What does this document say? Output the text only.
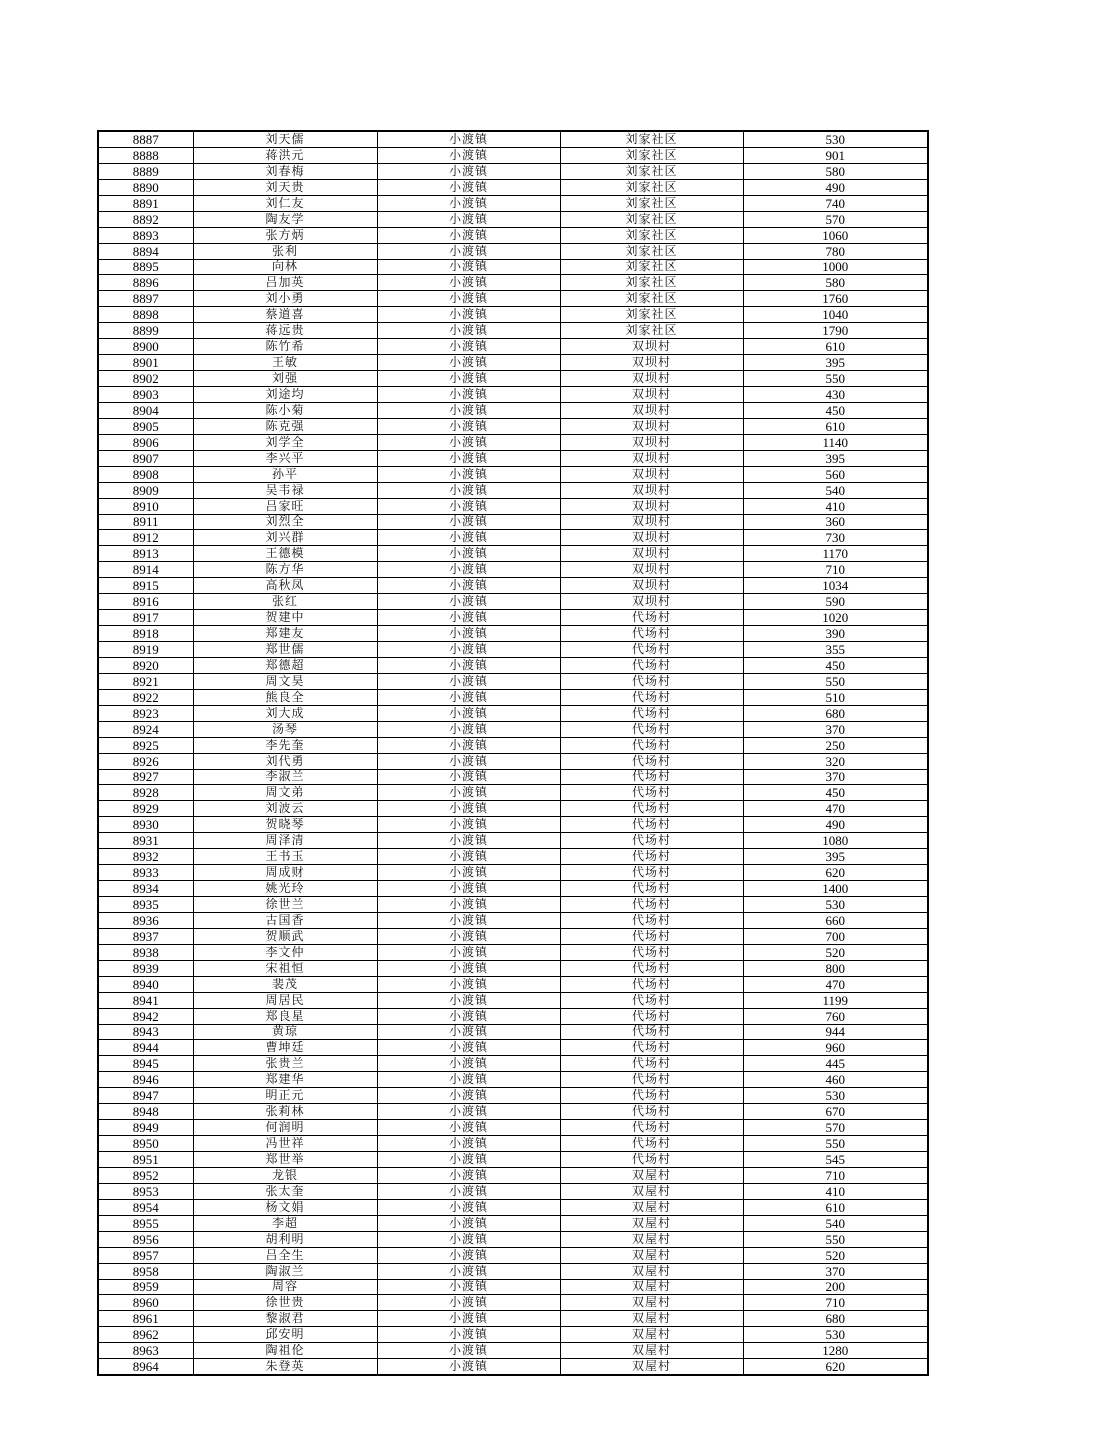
8887	刘天儒	小渡镇	刘家社区	530
8888	蒋洪元	小渡镇	刘家社区	901
8889	刘春梅	小渡镇	刘家社区	580
8890	刘天贵	小渡镇	刘家社区	490
8891	刘仁友	小渡镇	刘家社区	740
8892	陶友学	小渡镇	刘家社区	570
8893	张方炳	小渡镇	刘家社区	1060
8894	张利	小渡镇	刘家社区	780
8895	向林	小渡镇	刘家社区	1000
8896	吕加英	小渡镇	刘家社区	580
8897	刘小勇	小渡镇	刘家社区	1760
8898	蔡道喜	小渡镇	刘家社区	1040
8899	蒋远贵	小渡镇	刘家社区	1790
8900	陈竹希	小渡镇	双坝村	610
8901	王敏	小渡镇	双坝村	395
8902	刘强	小渡镇	双坝村	550
8903	刘途均	小渡镇	双坝村	430
8904	陈小菊	小渡镇	双坝村	450
8905	陈克强	小渡镇	双坝村	610
8906	刘学全	小渡镇	双坝村	1140
8907	李兴平	小渡镇	双坝村	395
8908	孙平	小渡镇	双坝村	560
8909	吴韦禄	小渡镇	双坝村	540
8910	吕家旺	小渡镇	双坝村	410
8911	刘烈全	小渡镇	双坝村	360
8912	刘兴群	小渡镇	双坝村	730
8913	王德模	小渡镇	双坝村	1170
8914	陈方华	小渡镇	双坝村	710
8915	高秋凤	小渡镇	双坝村	1034
8916	张红	小渡镇	双坝村	590
8917	贺建中	小渡镇	代场村	1020
8918	郑建友	小渡镇	代场村	390
8919	郑世儒	小渡镇	代场村	355
8920	郑德超	小渡镇	代场村	450
8921	周文昊	小渡镇	代场村	550
8922	熊良全	小渡镇	代场村	510
8923	刘大成	小渡镇	代场村	680
8924	汤琴	小渡镇	代场村	370
8925	李先奎	小渡镇	代场村	250
8926	刘代勇	小渡镇	代场村	320
8927	李淑兰	小渡镇	代场村	370
8928	周文弟	小渡镇	代场村	450
8929	刘波云	小渡镇	代场村	470
8930	贺晓琴	小渡镇	代场村	490
8931	周泽清	小渡镇	代场村	1080
8932	王书玉	小渡镇	代场村	395
8933	周成财	小渡镇	代场村	620
8934	姚光玲	小渡镇	代场村	1400
8935	徐世兰	小渡镇	代场村	530
8936	古国香	小渡镇	代场村	660
8937	贺顺武	小渡镇	代场村	700
8938	李文仲	小渡镇	代场村	520
8939	宋祖恒	小渡镇	代场村	800
8940	裴茂	小渡镇	代场村	470
8941	周居民	小渡镇	代场村	1199
8942	郑良星	小渡镇	代场村	760
8943	黄琼	小渡镇	代场村	944
8944	曹坤廷	小渡镇	代场村	960
8945	张贵兰	小渡镇	代场村	445
8946	郑建华	小渡镇	代场村	460
8947	明正元	小渡镇	代场村	530
8948	张莉林	小渡镇	代场村	670
8949	何润明	小渡镇	代场村	570
8950	冯世祥	小渡镇	代场村	550
8951	郑世举	小渡镇	代场村	545
8952	龙银	小渡镇	双屋村	710
8953	张太奎	小渡镇	双屋村	410
8954	杨文娟	小渡镇	双屋村	610
8955	李超	小渡镇	双屋村	540
8956	胡利明	小渡镇	双屋村	550
8957	吕全生	小渡镇	双屋村	520
8958	陶淑兰	小渡镇	双屋村	370
8959	周容	小渡镇	双屋村	200
8960	徐世贵	小渡镇	双屋村	710
8961	黎淑君	小渡镇	双屋村	680
8962	邱安明	小渡镇	双屋村	530
8963	陶祖伦	小渡镇	双屋村	1280
8964	朱登英	小渡镇	双屋村	620
